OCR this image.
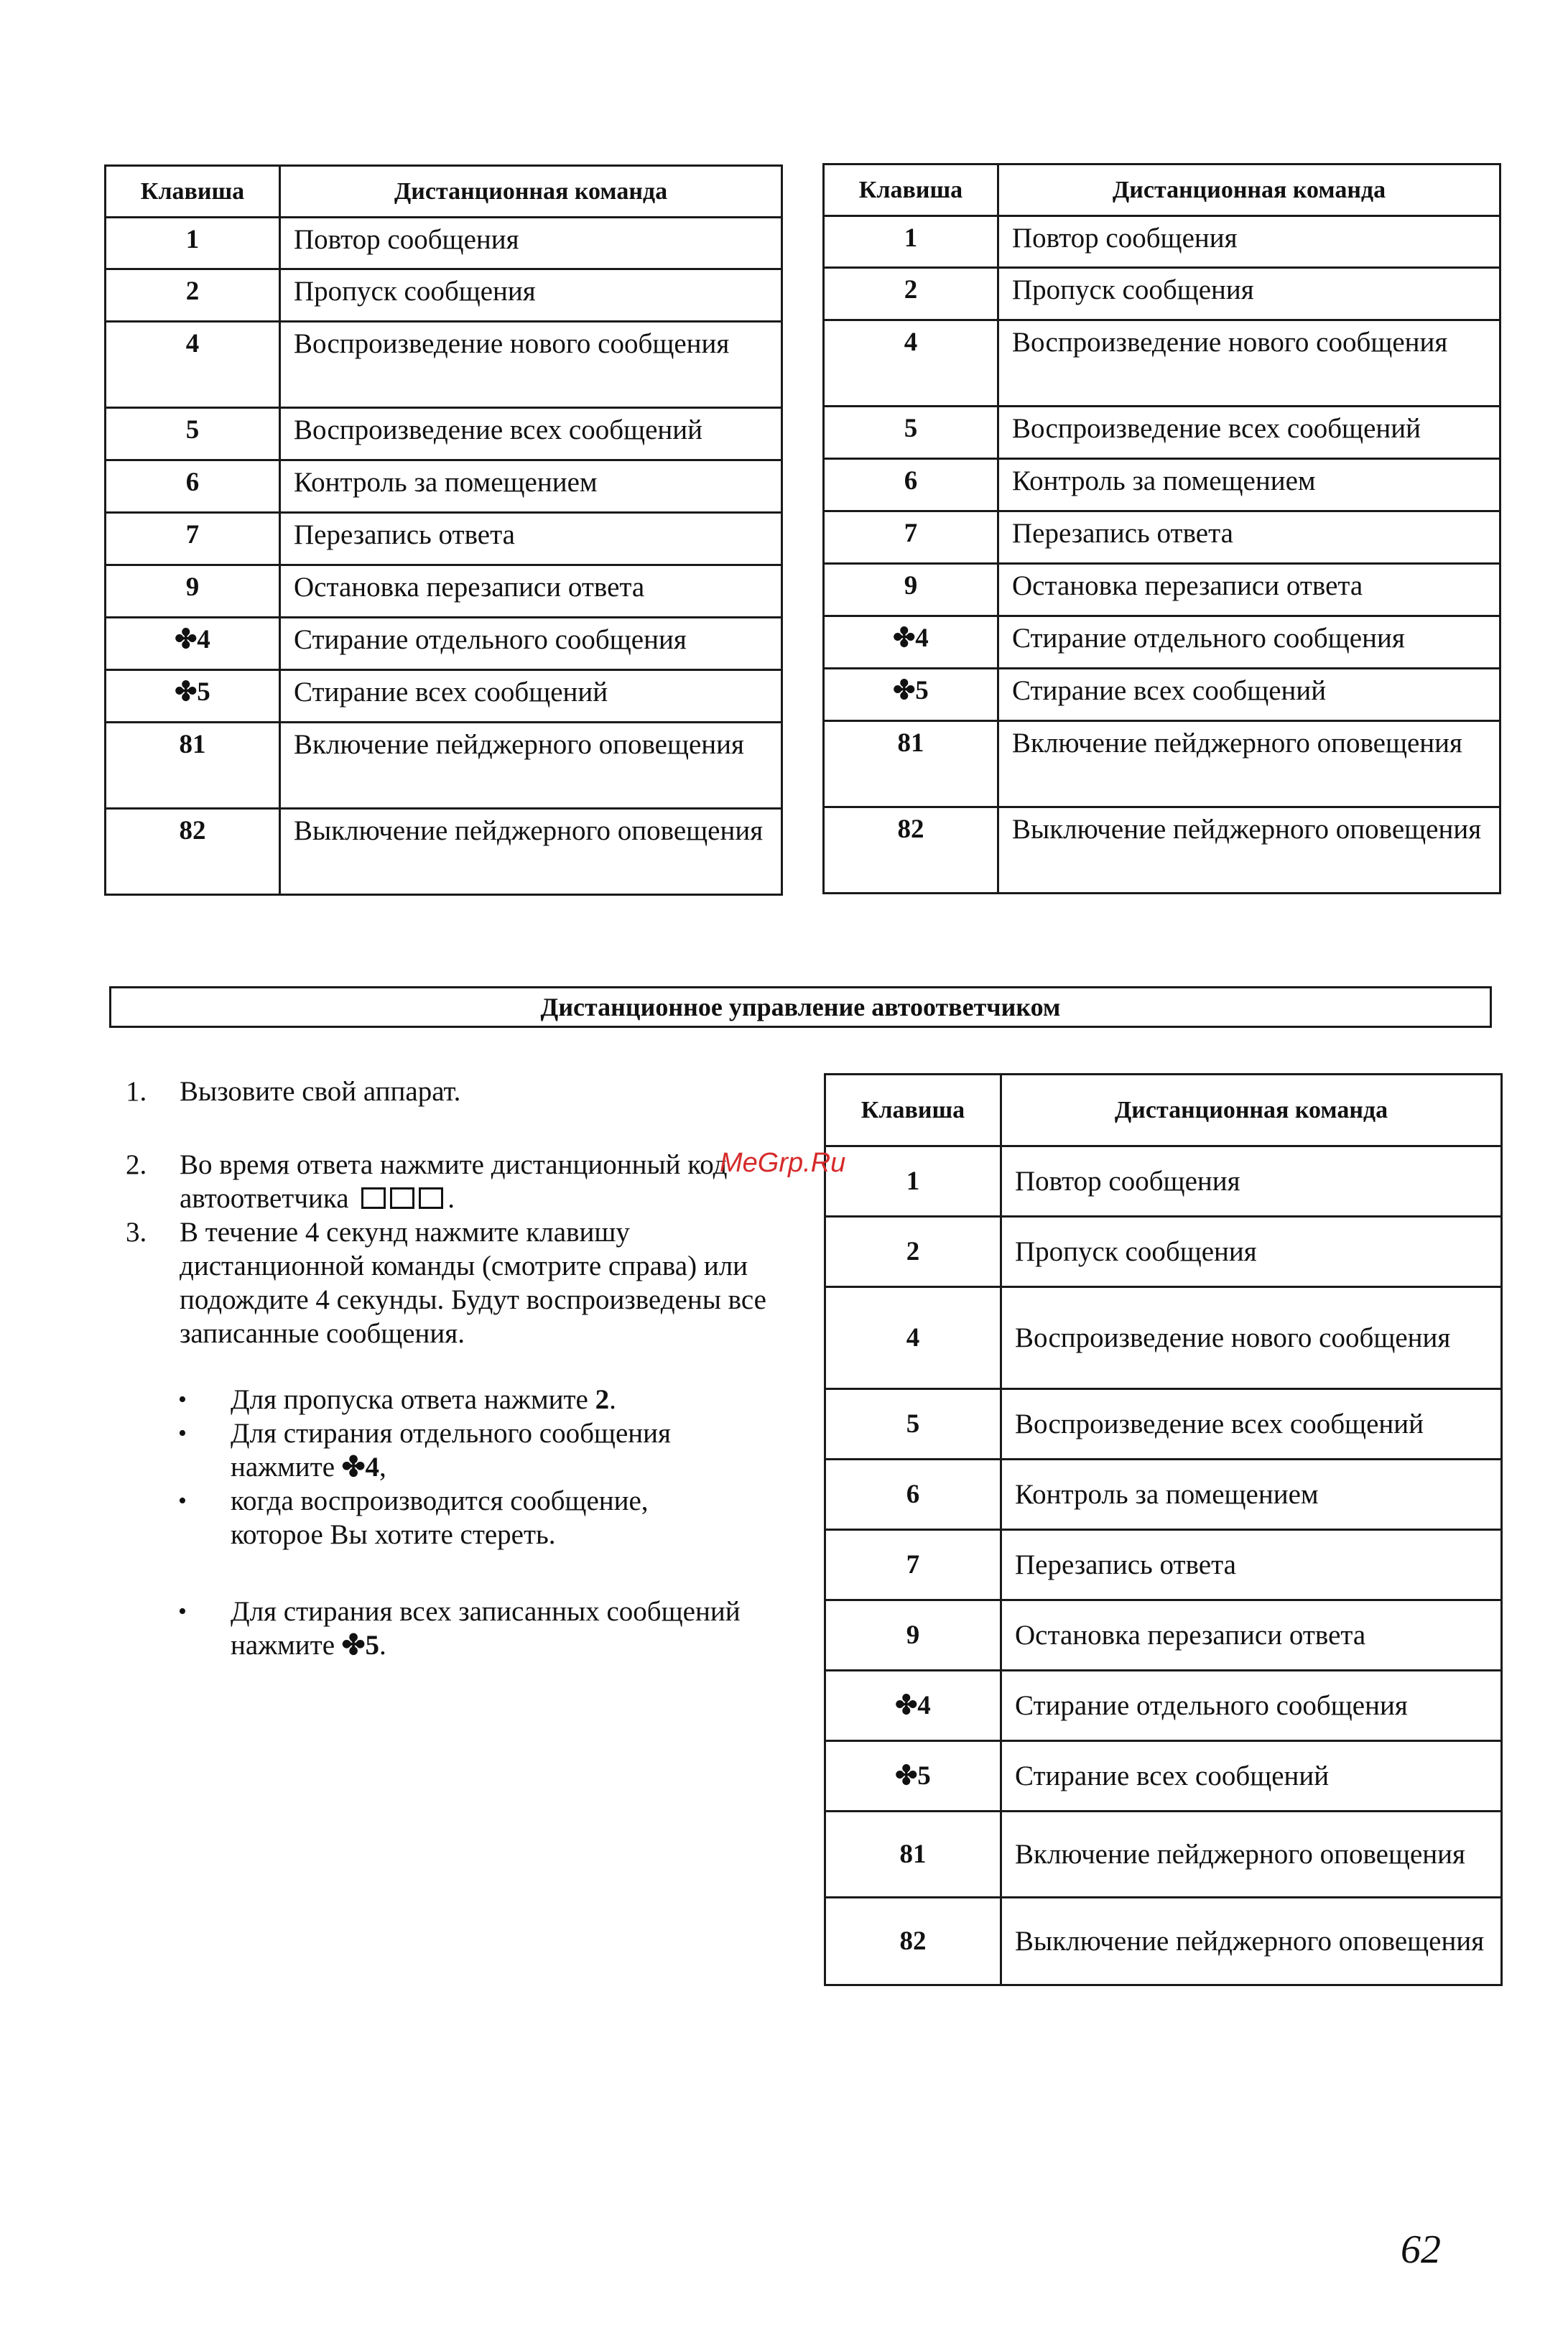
Клавиша	Дистанционная команда
1	Повтор сообщения
2	Пропуск сообщения
4	Воспроизведение нового сообщения
5	Воспроизведение всех сообщений
6	Контроль за помещением
7	Перезапись ответа
9	Остановка перезаписи ответа
✤4	Стирание отдельного сообщения
✤5	Стирание всех сообщений
81	Включение пейджерного оповещения
82	Выключение пейджерного оповещения
Клавиша	Дистанционная команда
1	Повтор сообщения
2	Пропуск сообщения
4	Воспроизведение нового сообщения
5	Воспроизведение всех сообщений
6	Контроль за помещением
7	Перезапись ответа
9	Остановка перезаписи ответа
✤4	Стирание отдельного сообщения
✤5	Стирание всех сообщений
81	Включение пейджерного оповещения
82	Выключение пейджерного оповещения
Дистанционное управление автоответчиком

1. Вызовите свой аппарат.

2. Во время ответа нажмите дистанционный код автоответчика	.

3. В течение 4 секунд нажмите клавишу дистанционной команды (смотрите справа) или подождите 4 секунды. Будут воспроизведены все записанные сообщения.

• Для пропуска ответа нажмите 2.
• Для стирания отдельного сообщения нажмите ✤4,
• когда воспроизводится сообщение, которое Вы хотите стереть.
• Для стирания всех записанных сообщений нажмите ✤5.
Клавиша	Дистанционная команда
1	Повтор сообщения
2	Пропуск сообщения
4	Воспроизведение нового сообщения
5	Воспроизведение всех сообщений
6	Контроль за помещением
7	Перезапись ответа
9	Остановка перезаписи ответа
✤4	Стирание отдельного сообщения
✤5	Стирание всех сообщений
81	Включение пейджерного оповещения
82	Выключение пейджерного оповещения
MeGrp.Ru
62
